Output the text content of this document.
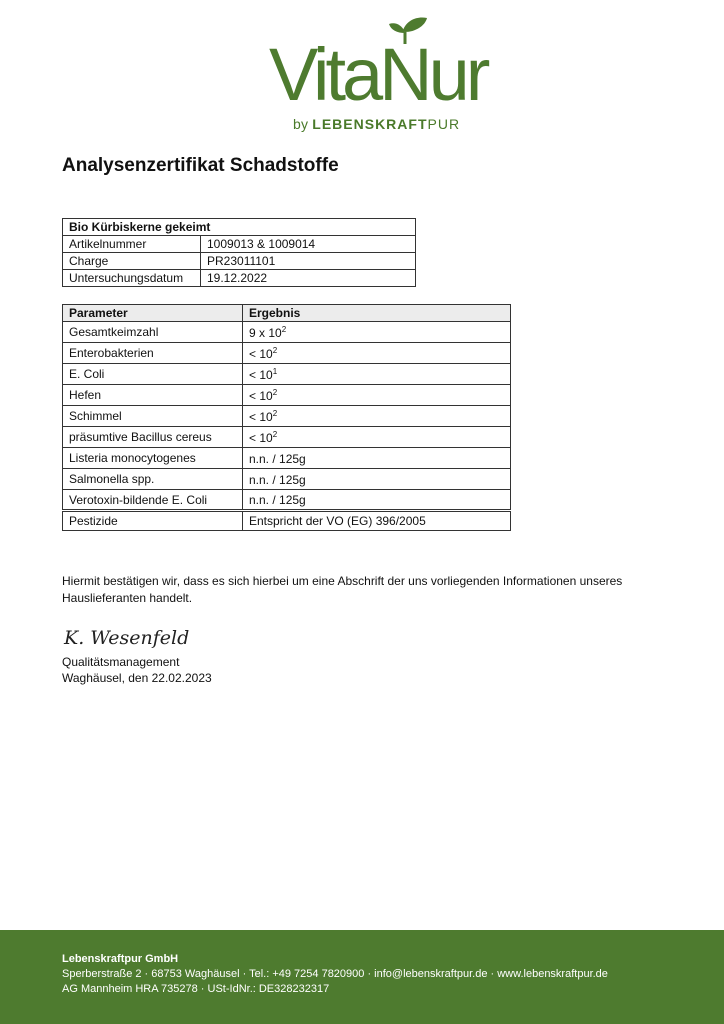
VitaNur
by LEBENSKRAFTPUR
Analysenzertifikat Schadstoffe
Bio Kürbiskerne gekeimt	
Artikelnummer	1009013 & 1009014
Charge	PR23011101
Untersuchungsdatum	19.12.2022
Parameter	Ergebnis
Gesamtkeimzahl	9 x $10^2$
Enterobakterien	< $10^2$
E. Coli	< $10^1$
Hefen	< $10^2$
Schimmel	< $10^2$
präsumtive Bacillus cereus	< $10^2$
Listeria monocytogenes	n.n. / 125g
Salmonella spp.	n.n. / 125g
Verotoxin-bildende E. Coli	n.n. / 125g
Pestizide	Entspricht der VO (EG) 396/2005

Hiermit bestätigen wir, dass es sich hierbei um eine Abschrift der uns vorliegenden Informationen unseres Hauslieferanten handelt.

K. Wesenfeld
Qualitätsmanagement
Waghäusel, den 22.02.2023
Lebenskraftpur GmbH
Sperberstraße 2 · 68753 Waghäusel · Tel.: +49 7254 7820900 · info@lebenskraftpur.de · www.lebenskraftpur.de
AG Mannheim HRA 735278 · USt-IdNr.: DE328232317
